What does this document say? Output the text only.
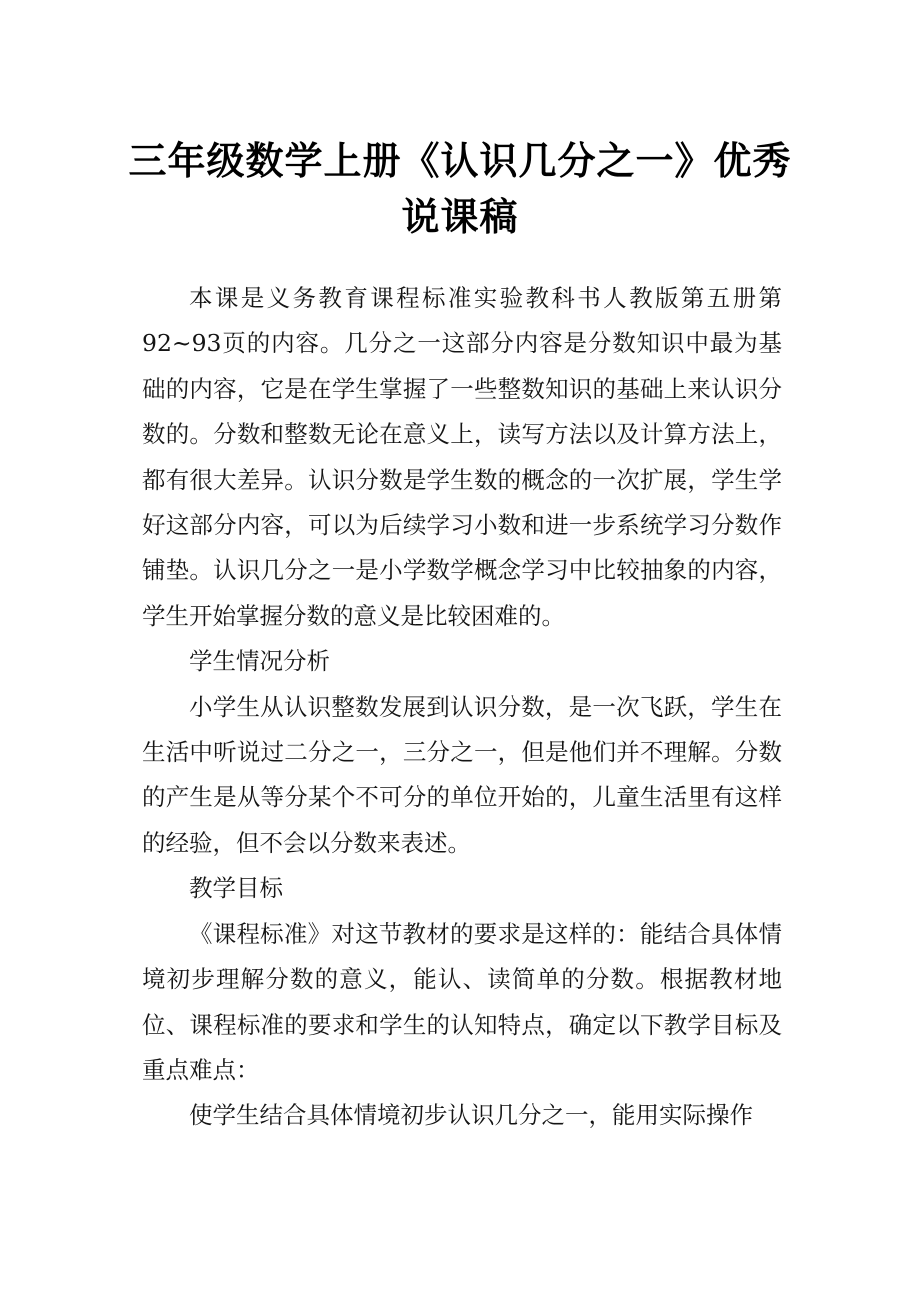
三年级数学上册《认识几分之一》优秀
说课稿

本课是义务教育课程标准实验教科书人教版第五册第92~93页的内容。几分之一这部分内容是分数知识中最为基础的内容，它是在学生掌握了一些整数知识的基础上来认识分数的。分数和整数无论在意义上，读写方法以及计算方法上，都有很大差异。认识分数是学生数的概念的一次扩展，学生学好这部分内容，可以为后续学习小数和进一步系统学习分数作铺垫。认识几分之一是小学数学概念学习中比较抽象的内容，学生开始掌握分数的意义是比较困难的。

学生情况分析

小学生从认识整数发展到认识分数，是一次飞跃，学生在生活中听说过二分之一，三分之一，但是他们并不理解。分数的产生是从等分某个不可分的单位开始的，儿童生活里有这样的经验，但不会以分数来表述。

教学目标

《课程标准》对这节教材的要求是这样的：能结合具体情境初步理解分数的意义，能认、读简单的分数。根据教材地位、课程标准的要求和学生的认知特点，确定以下教学目标及重点难点：

使学生结合具体情境初步认识几分之一，能用实际操作
